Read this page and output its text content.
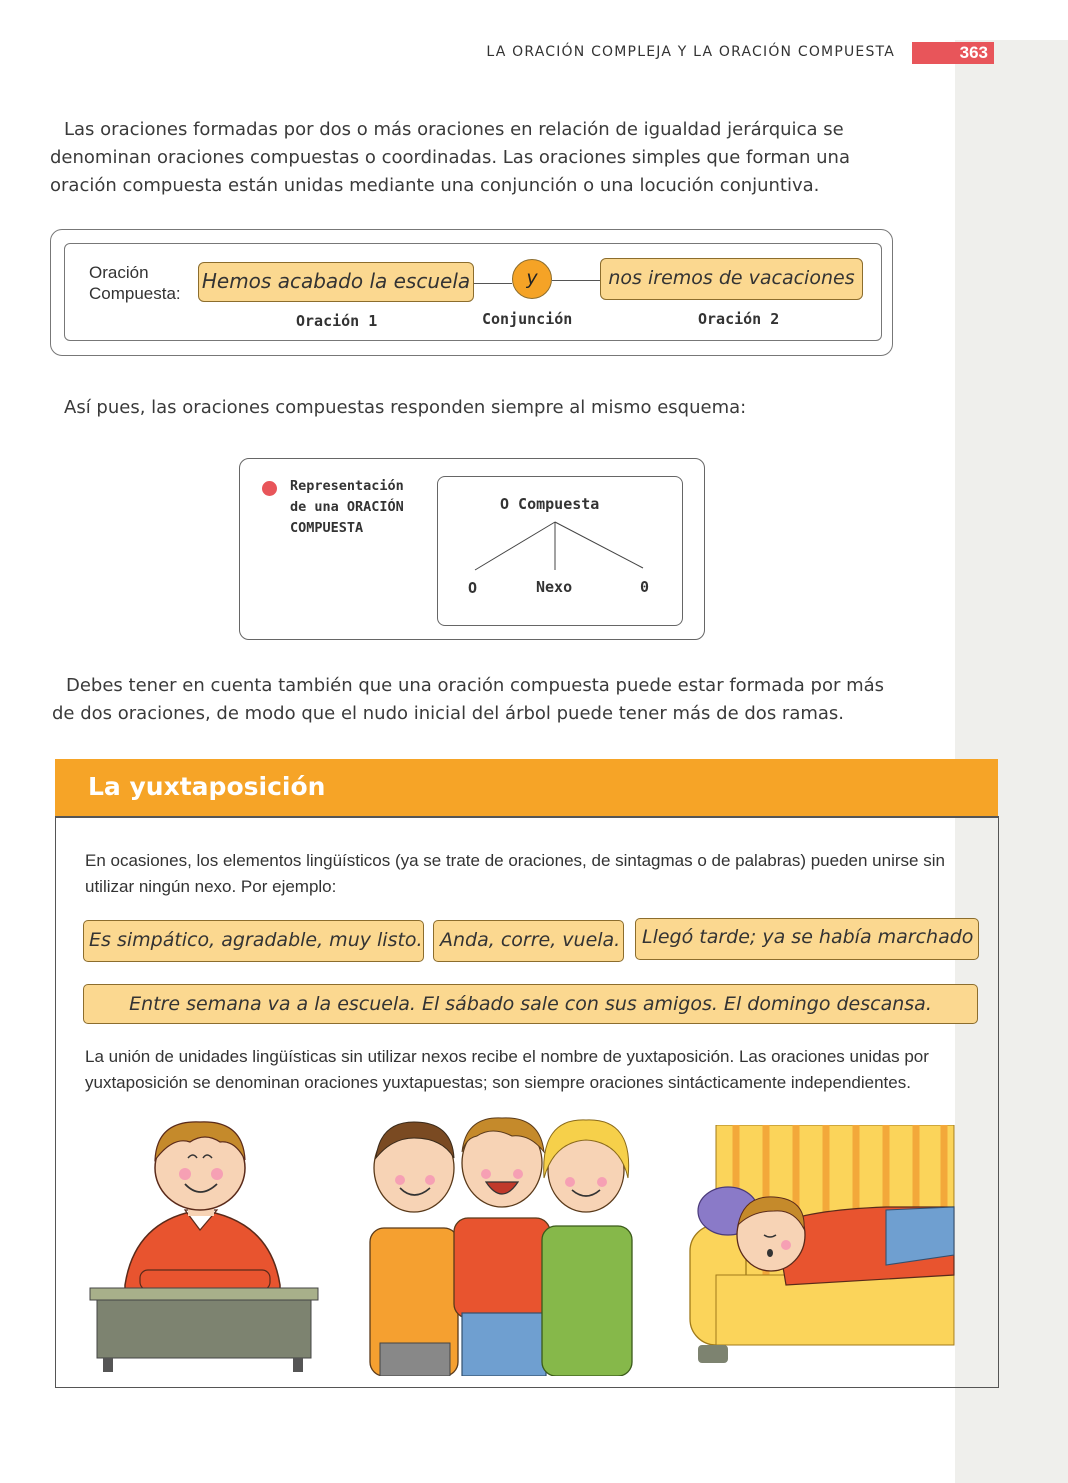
LA ORACIÓN COMPLEJA Y LA ORACIÓN COMPUESTA	363
Las oraciones formadas por dos o más oraciones en relación de igualdad jerárquica se denominan oraciones compuestas o coordinadas. Las oraciones simples que forman una oración compuesta están unidas mediante una conjunción o una locución conjuntiva.
Oración
Compuesta:
Hemos acabado la escuela	y	nos iremos de vacaciones
Oración 1	Conjunción	Oración 2
Así pues, las oraciones compuestas responden siempre al mismo esquema:
Representación
de una ORACIÓN
COMPUESTA
O Compuesta
O	Nexo	0
Debes tener en cuenta también que una oración compuesta puede estar formada por más de dos oraciones, de modo que el nudo inicial del árbol puede tener más de dos ramas.
La yuxtaposición
En ocasiones, los elementos lingüísticos (ya se trate de oraciones, de sintagmas o de palabras) pueden unirse sin utilizar ningún nexo. Por ejemplo:
Es simpático, agradable, muy listo. Anda, corre, vuela.	Llegó tarde; ya se había marchado
Entre semana va a la escuela. El sábado sale con sus amigos. El domingo descansa.
La unión de unidades lingüísticas sin utilizar nexos recibe el nombre de yuxtaposición. Las oraciones unidas por yuxtaposición se denominan oraciones yuxtapuestas; son siempre oraciones sintácticamente independientes.
